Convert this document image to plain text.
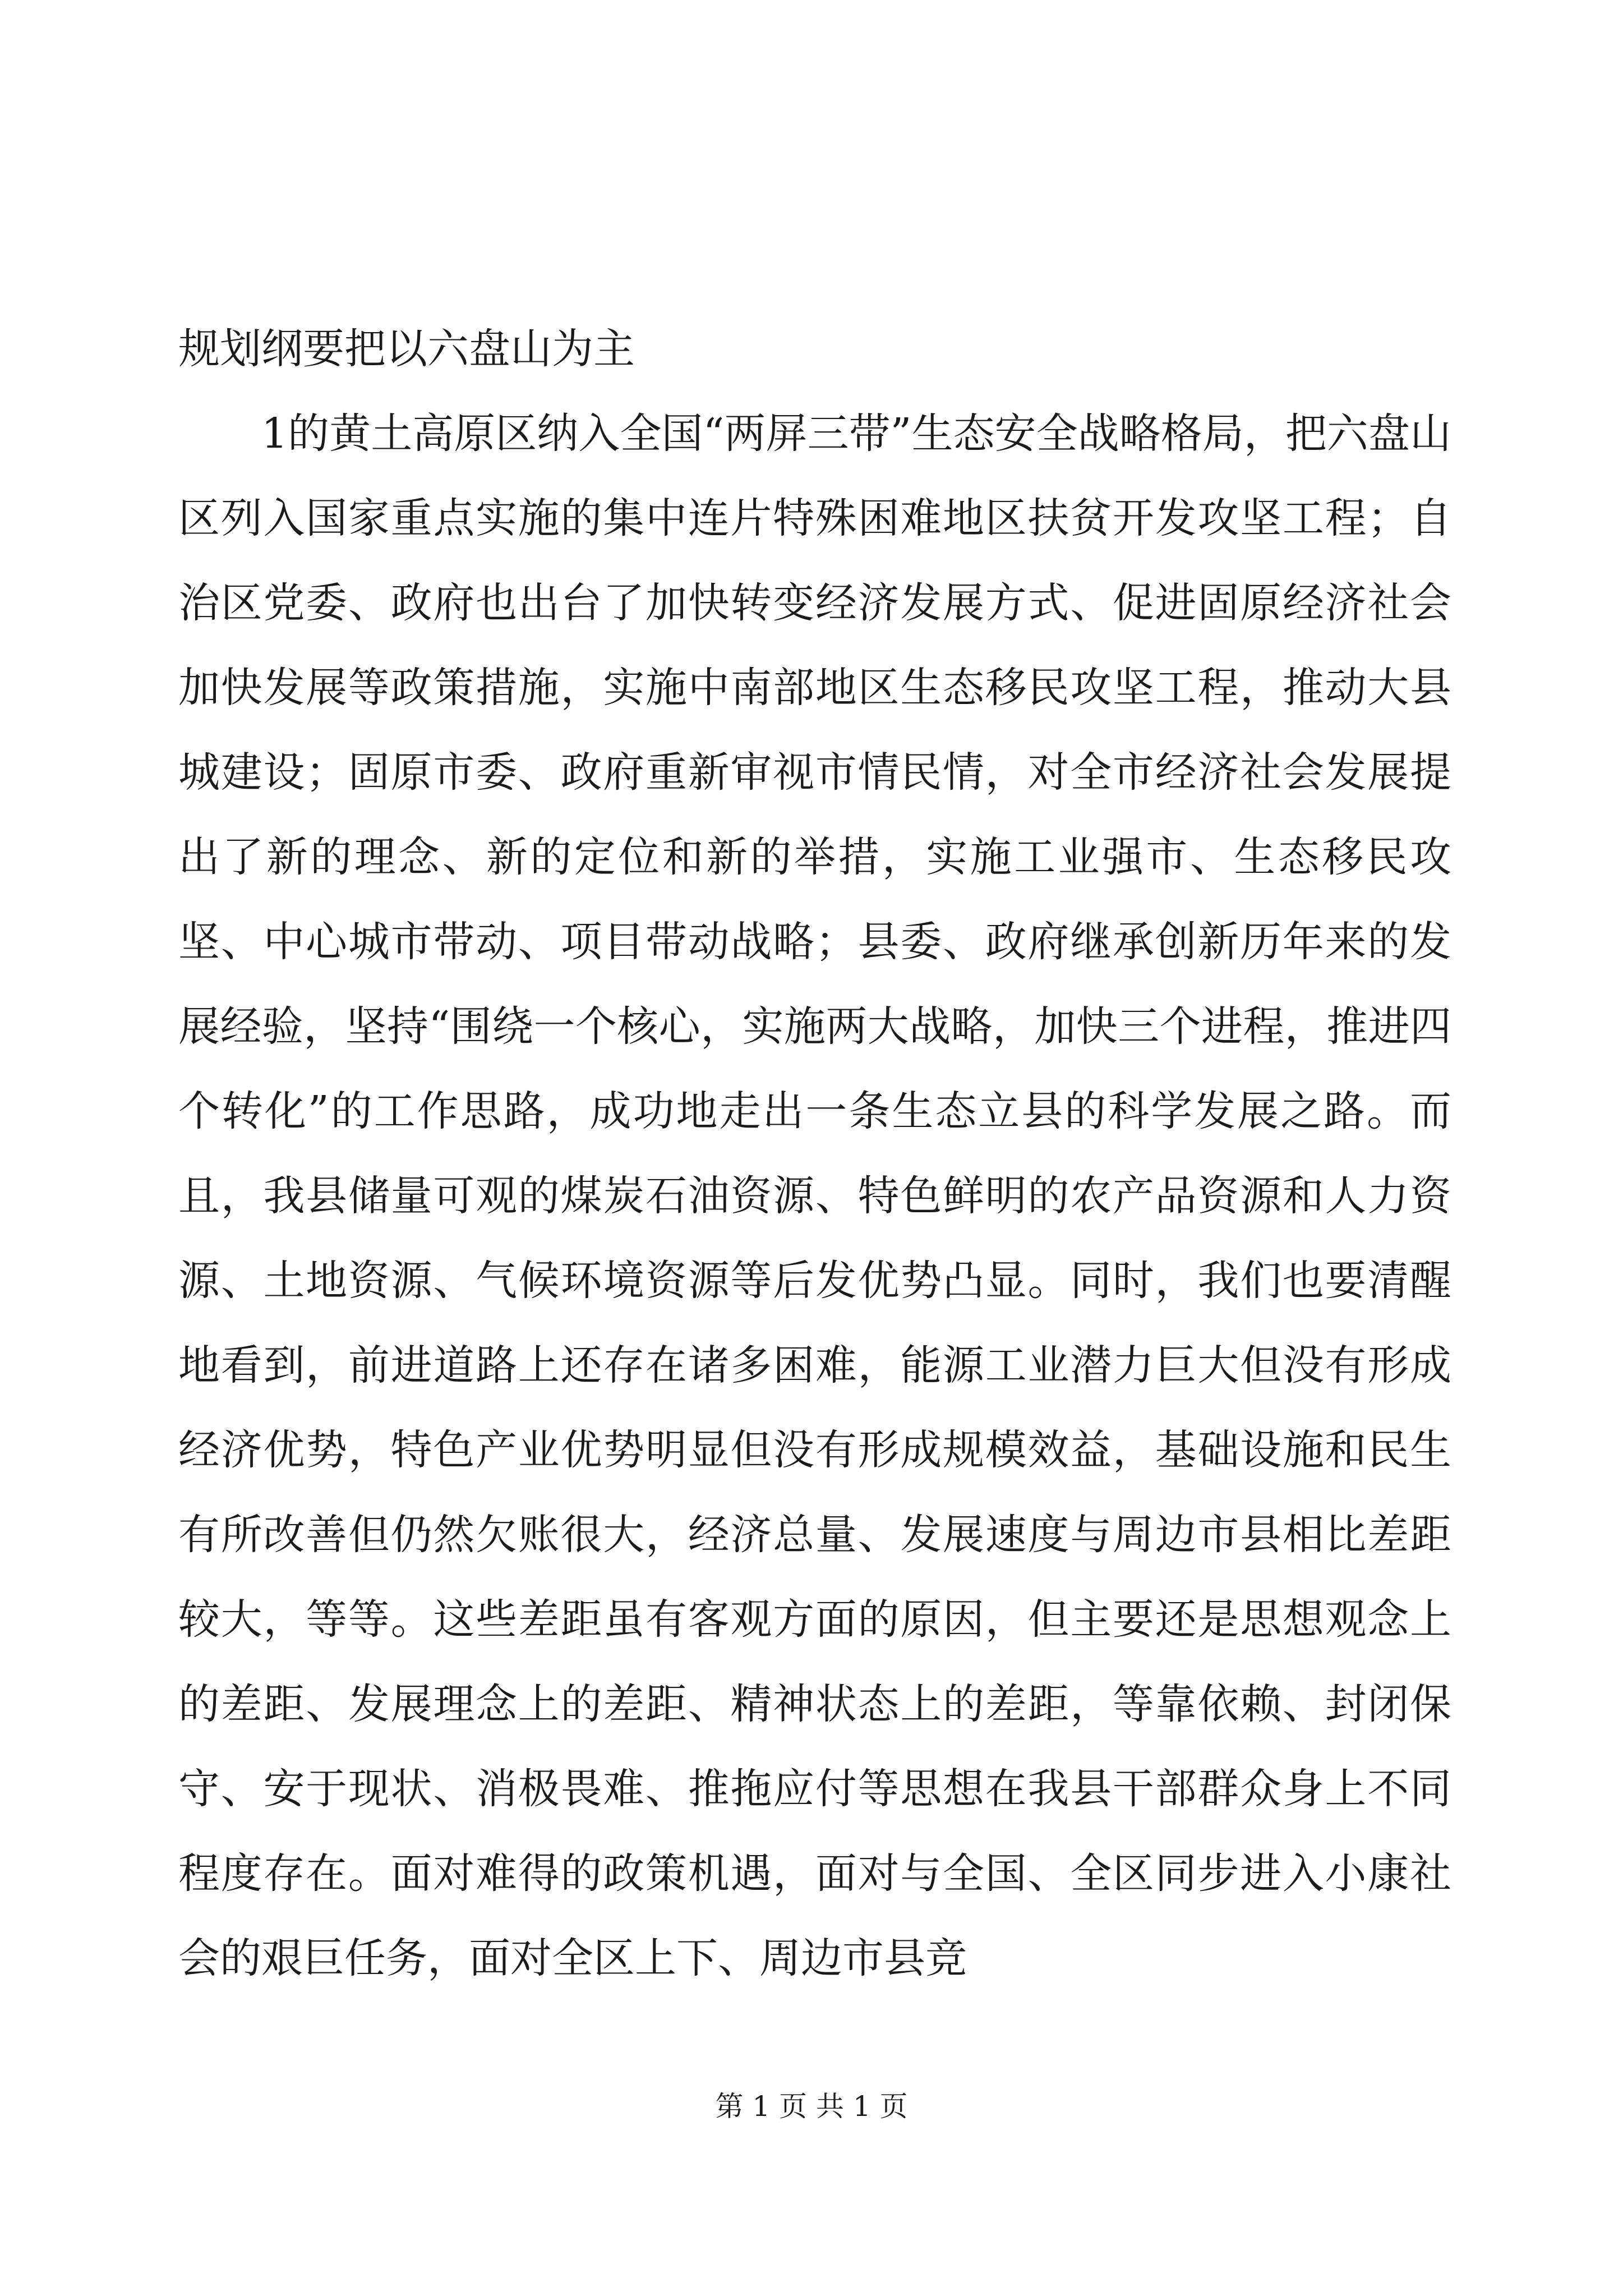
规划纲要把以六盘山为主

1的黄土高原区纳入全国“两屏三带”生态安全战略格局，把六盘山区列入国家重点实施的集中连片特殊困难地区扶贫开发攻坚工程；自治区党委、政府也出台了加快转变经济发展方式、促进固原经济社会加快发展等政策措施，实施中南部地区生态移民攻坚工程，推动大县城建设；固原市委、政府重新审视市情民情，对全市经济社会发展提出了新的理念、新的定位和新的举措，实施工业强市、生态移民攻坚、中心城市带动、项目带动战略；县委、政府继承创新历年来的发展经验，坚持“围绕一个核心，实施两大战略，加快三个进程，推进四个转化”的工作思路，成功地走出一条生态立县的科学发展之路。而且，我县储量可观的煤炭石油资源、特色鲜明的农产品资源和人力资源、土地资源、气候环境资源等后发优势凸显。同时，我们也要清醒地看到，前进道路上还存在诸多困难，能源工业潜力巨大但没有形成经济优势，特色产业优势明显但没有形成规模效益，基础设施和民生有所改善但仍然欠账很大，经济总量、发展速度与周边市县相比差距较大，等等。这些差距虽有客观方面的原因，但主要还是思想观念上的差距、发展理念上的差距、精神状态上的差距，等靠依赖、封闭保守、安于现状、消极畏难、推拖应付等思想在我县干部群众身上不同程度存在。面对难得的政策机遇，面对与全国、全区同步进入小康社会的艰巨任务，面对全区上下、周边市县竞

第 1 页 共 1 页
